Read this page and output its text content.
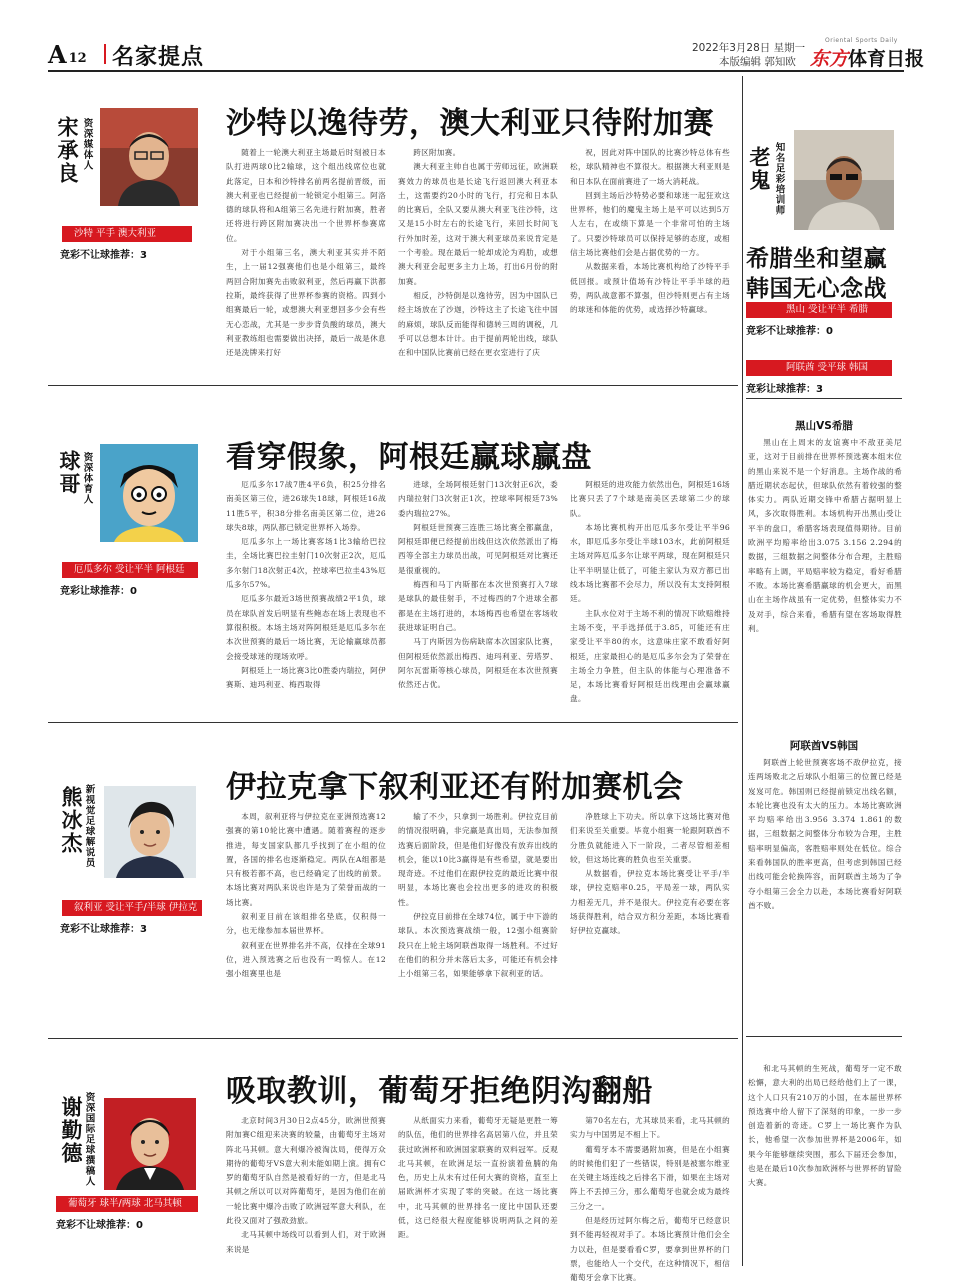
A 12 名家提点	2022年3月28日 星期一
本版编辑 郭知欧
Oriental Sports Daily
东方体育日报
宋承良 资深媒体人
沙特 平手 澳大利亚
竞彩不让球推荐：3
沙特以逸待劳，澳大利亚只待附加赛

随着上一轮澳大利亚主场最后时刻被日本队打进两球0比2输球，这个组出线席位也就此落定，日本和沙特排名前两名提前晋级，而澳大利亚也已经提前一轮锁定小组第三。阿洛德的球队将和A组第三名先进行附加赛，胜者还将进行跨区附加赛决出一个世界杯参赛席位。

对于小组第三名，澳大利亚其实并不陌生，上一届12强赛他们也是小组第三，最终两回合附加赛先击败叙利亚，然后再赢下洪都拉斯，最终获得了世界杯参赛的资格。四到小组赛最后一轮，或想澳大利亚想回多少会有些无心恋战，尤其是一步步背负酸的球员，澳大利亚教练组也需要做出决择，最后一战是休息还是洗牌来打好

跨区附加赛。

澳大利亚主帅自也属于劳师远征，欧洲联赛效力的球员也是长途飞行返回澳大利亚本土，这需要约20小时的飞行，打完和日本队的比赛后，全队又要从澳大利亚飞往沙特，这又是15小时左右的长途飞行，来回长时间飞行外加时差，这对于澳大利亚球员来说肯定是一个考验。现在最后一轮却成沦为鸡肋，或想澳大利亚会起更多主力上场，打出6月份的附加赛。

相反，沙特倒是以逸待劳，因为中国队已经主场放在了沙迦，沙特这主了长途飞往中国的麻烦，球队反而能得和德转三周的调税，几乎可以总想本计计。由于提前两轮出线，球队在和中国队比赛前已经在更衣室进行了庆

祝，因此对阵中国队的比赛沙特总体有些松，球队精神也不算很大。根据澳大利亚则是和日本队在面前赛进了一场大消耗战。

回到主场后沙特势必要和球迷一起狂欢这世界杯，他们的魔鬼主场上是平可以达到5万人左右，在或绩下算是一个非常可怕的主场了。只要沙特球员可以保持足够的态度，或相信主场比赛他们会是占据优势的一方。

从数据来看，本场比赛机构给了沙特平手低回报。或预计值场有沙特让平手半球的趋势，两队战意都不算强，但沙特则更占有主场的球迷和体能的优势，或选择沙特赢球。

球哥 资深体育人
厄瓜多尔 受让平半 阿根廷
竞彩让球推荐：0
看穿假象，阿根廷赢球赢盘

厄瓜多尔17战7胜4平6负，积25分排名南美区第三位，进26球失18球，阿根廷16战11胜5平，积38分排名南美区第二位，进26球失8球，两队都已锁定世界杯入场券。

厄瓜多尔上一场比赛客场1比3输给巴拉圭，全场比赛巴拉圭射门10次射正2次，厄瓜多尔射门18次射正4次，控球率巴拉圭43%厄瓜多尔57%。

厄瓜多尔最近3场世预赛战绩2平1负，球员在球队首发后明显有些鲍态在场上表现也不算很积极。本场主场对阵阿根廷是厄瓜多尔在本次世预赛的最后一场比赛，无论输赢球员都会接受球迷的现场欢呼。

阿根廷上一场比赛3比0胜委内瑞拉，阿伊赛斯、迪玛利亚、梅西取得

进球，全场阿根廷射门13次射正6次，委内瑞拉射门3次射正1次，控球率阿根廷73%委内瑞拉27%。

阿根廷世预赛三连胜三场比赛全都赢盘，阿根廷即便已经提前出线但这次依然派出了梅西等全部主力球员出战，可见阿根廷对比赛还是很重视的。

梅西和马丁内斯都在本次世预赛打入7球是球队的最佳射手，不过梅西的7个进球全都都是在主场打进的，本场梅西也希望在客场收获进球证明自己。

马丁内斯因为伤病缺席本次国家队比赛，但阿根廷依然派出梅西、迪玛利亚、劳塔罗、阿尔瓦雷斯等核心球员，阿根廷在本次世预赛依然还占优。

阿根廷的进攻能力依然出色，阿根廷16场比赛只丢了7个球是南美区丢球第二少的球队。

本场比赛机构开出厄瓜多尔受让平半96水，即厄瓜多尔受让半球103水，此前阿根廷主场对阵厄瓜多尔让球平两球，现在阿根廷只让平半明显让低了，可能主家认为双方都已出线本场比赛都不会尽力，所以没有太支持阿根廷。

主队水位对于主场不利的情况下欧赔维持主场不变，平手选择低于3.85，可能还有庄家受让平半80的水，这意味庄家不敢看好阿根廷，庄家最担心的是厄瓜多尔会为了荣誉在主场全力争胜，但主队的体能与心理准备不足，本场比赛看好阿根廷出线理由会赢球赢盘。

熊冰杰 新视觉足球解说员
叙利亚 受让平手/半球 伊拉克
竞彩不让球推荐：3
伊拉克拿下叙利亚还有附加赛机会

本周，叙利亚将与伊拉克在亚洲预选赛12强赛的第10轮比赛中遭遇。随着赛程的逐步推进，每支国家队都几乎找到了在小组的位置，各国的排名也逐渐稳定。两队在A组都是只有极若都不高，也已经确定了出线的前景。本场比赛对两队来说也许是为了荣誉而战的一场比赛。

叙利亚目前在该组排名垫底，仅积得一分，也无缘参加本届世界杯。

叙利亚在世界排名并不高，仅排在全球91位，进入预选赛之后也没有一鸣惊人。在12强小组赛里也是

输了不少，只拿到一场胜利。伊拉克目前的情况很明确，非完赢是真出局，无法参加预选赛后面阶段，但是他们好像没有放弃出线的机会，能以10比3赢得是有些希望，就是要出现奇迹。不过他们在跟伊拉克的最近比赛中很明显，本场比赛也会拉出更多的进攻的积极性。

伊拉克目前排在全球74位，属于中下游的球队。本次预选赛战绩一般，12强小组赛阶段只在上轮主场阿联酋取得一场胜利。不过好在他们的积分并未落后太多，可能还有机会排上小组第三名，如果能够拿下叙利亚的话。

净胜球上下功夫。所以拿下这场比赛对他们来说至关重要。毕竟小组赛一轮跟阿联酋不分胜负就能进入下一阶段，二者尽管相差相较，但这场比赛的胜负也至关重要。

从数据看，伊拉克本场比赛受让平手/半球，伊拉克赔率0.25，平局差一球，两队实力相差无几，并不是很大。伊拉克有必要在客场获得胜利，结合双方积分差距，本场比赛看好伊拉克赢球。

谢勤德 资深国际足球撰稿人
葡萄牙 球半/两球 北马其顿
竞彩不让球推荐：0
吸取教训，葡萄牙拒绝阴沟翻船

北京时间3月30日2点45分，欧洲世预赛附加赛C组迎来决赛的较量，由葡萄牙主场对阵北马其顿。意大利爆冷被淘汰局，使得万众期待的葡萄牙VS意大利未能如期上演。拥有C罗的葡萄牙队自然是被看好的一方，但是北马其顿之所以可以对阵葡萄牙，是因为他们在前一轮比赛中爆冷击败了欧洲冠军意大利队，在此役又面对了强敌劲旅。

北马其顿中场线可以看到人们，对于欧洲来说是

从纸面实力来看，葡萄牙无疑是更胜一筹的队伍，他们的世界排名高居第八位，并且荣获过欧洲杯和欧洲国家联赛的双料冠军。反观北马其顿，在欧洲足坛一直扮演着鱼腩的角色，历史上从未有过任何大赛的资格，直至上届欧洲杯才实现了零的突破。在这一场比赛中，北马其顿的世界排名一度比中国队还要低，这已经很大程度能够说明两队之间的差距。

第70名左右，尤其球员来看，北马其顿的实力与中国男足不相上下。

葡萄牙本不需要遇附加赛，但是在小组赛的时候他们犯了一些错误，特别是被塞尔维亚在关键主场连线之后排名下滑，如果在主场对阵上不丢掉三分，那么葡萄牙也就会成为最终三分之一。

但是经历过阿尔梅之后，葡萄牙已经意识到不能再轻视对手了。本场比赛预计他们会全力以赴，但是要看看C罗，要拿到世界杯的门票，也能给人一个交代，在这种情况下，相信葡萄牙会拿下比赛。

老鬼 知名足彩培训师
希腊坐和望赢
韩国无心念战
黑山 受让平半 希腊
竞彩不让球推荐：0
阿联酋 受平球 韩国
竞彩让球推荐：3
黑山VS希腊

黑山在上周末的友谊赛中不敌亚美尼亚，这对于目前排在世界杯预选赛本组末位的黑山来说不是一个好消息。主场作战的希腊近期状态起伏，但球队依然有着较强的整体实力。两队近期交锋中希腊占据明显上风，多次取得胜利。本场机构开出黑山受让平半的盘口，希腊客场表现值得期待。目前欧洲平均赔率给出3.075 3.156 2.294的数据，三组数据之间整体分布合理，主胜赔率略有上调，平局赔率较为稳定，看好希腊不败。本场比赛希腊赢球的机会更大，而黑山在主场作战虽有一定优势，但整体实力不及对手，综合来看，希腊有望在客场取得胜利。

阿联酋VS韩国

阿联酋上轮世预赛客场不敌伊拉克，接连两场败北之后球队小组第三的位置已经是岌岌可危。韩国则已经提前锁定出线名额，本轮比赛也没有太大的压力。本场比赛欧洲平均赔率给出3.956 3.374 1.861的数据，三组数据之间整体分布较为合理，主胜赔率明显偏高，客胜赔率则处在低位。综合来看韩国队的胜率更高，但考虑到韩国已经出线可能会轮换阵容，而阿联酋主场为了争夺小组第三会全力以赴，本场比赛看好阿联酋不败。

和北马其顿的生死战，葡萄牙一定不敢松懈，意大利的出局已经给他们上了一课，这个人口只有210万的小国，在本届世界杯预选赛中给人留下了深刻的印象，一步一步创造着新的奇迹。C罗上一场比赛作为队长，他希望一次参加世界杯是2006年，如果今年能够继续突围，那么下届还会参加，也是在最后10次参加欧洲杯与世界杯的冒险大赛。
